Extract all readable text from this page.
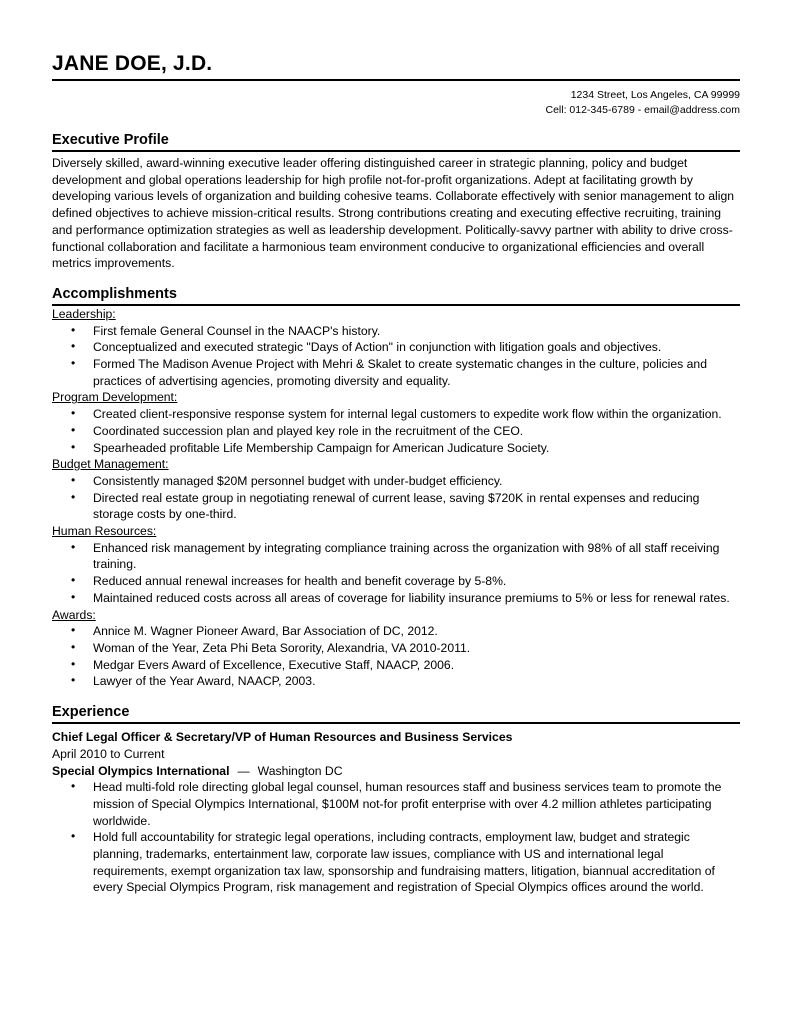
JANE DOE, J.D.
1234 Street, Los Angeles, CA 99999
Cell: 012-345-6789 - email@address.com
Executive Profile
Diversely skilled, award-winning executive leader offering distinguished career in strategic planning, policy and budget development and global operations leadership for high profile not-for-profit organizations. Adept at facilitating growth by developing various levels of organization and building cohesive teams. Collaborate effectively with senior management to align defined objectives to achieve mission-critical results. Strong contributions creating and executing effective recruiting, training and performance optimization strategies as well as leadership development. Politically-savvy partner with ability to drive cross-functional collaboration and facilitate a harmonious team environment conducive to organizational efficiencies and overall metrics improvements.
Accomplishments
Leadership:
• First female General Counsel in the NAACP's history.
• Conceptualized and executed strategic "Days of Action" in conjunction with litigation goals and objectives.
• Formed The Madison Avenue Project with Mehri & Skalet to create systematic changes in the culture, policies and practices of advertising agencies, promoting diversity and equality.
Program Development:
• Created client-responsive response system for internal legal customers to expedite work flow within the organization.
• Coordinated succession plan and played key role in the recruitment of the CEO.
• Spearheaded profitable Life Membership Campaign for American Judicature Society.
Budget Management:
• Consistently managed $20M personnel budget with under-budget efficiency.
• Directed real estate group in negotiating renewal of current lease, saving $720K in rental expenses and reducing storage costs by one-third.
Human Resources:
• Enhanced risk management by integrating compliance training across the organization with 98% of all staff receiving training.
• Reduced annual renewal increases for health and benefit coverage by 5-8%.
• Maintained reduced costs across all areas of coverage for liability insurance premiums to 5% or less for renewal rates.
Awards:
• Annice M. Wagner Pioneer Award, Bar Association of DC, 2012.
• Woman of the Year, Zeta Phi Beta Sorority, Alexandria, VA 2010-2011.
• Medgar Evers Award of Excellence, Executive Staff, NAACP, 2006.
• Lawyer of the Year Award, NAACP, 2003.
Experience
Chief Legal Officer & Secretary/VP of Human Resources and Business Services
April 2010 to Current
Special Olympics International — Washington DC
• Head multi-fold role directing global legal counsel, human resources staff and business services team to promote the mission of Special Olympics International, $100M not-for profit enterprise with over 4.2 million athletes participating worldwide.
• Hold full accountability for strategic legal operations, including contracts, employment law, budget and strategic planning, trademarks, entertainment law, corporate law issues, compliance with US and international legal requirements, exempt organization tax law, sponsorship and fundraising matters, litigation, biannual accreditation of every Special Olympics Program, risk management and registration of Special Olympics offices around the world.
